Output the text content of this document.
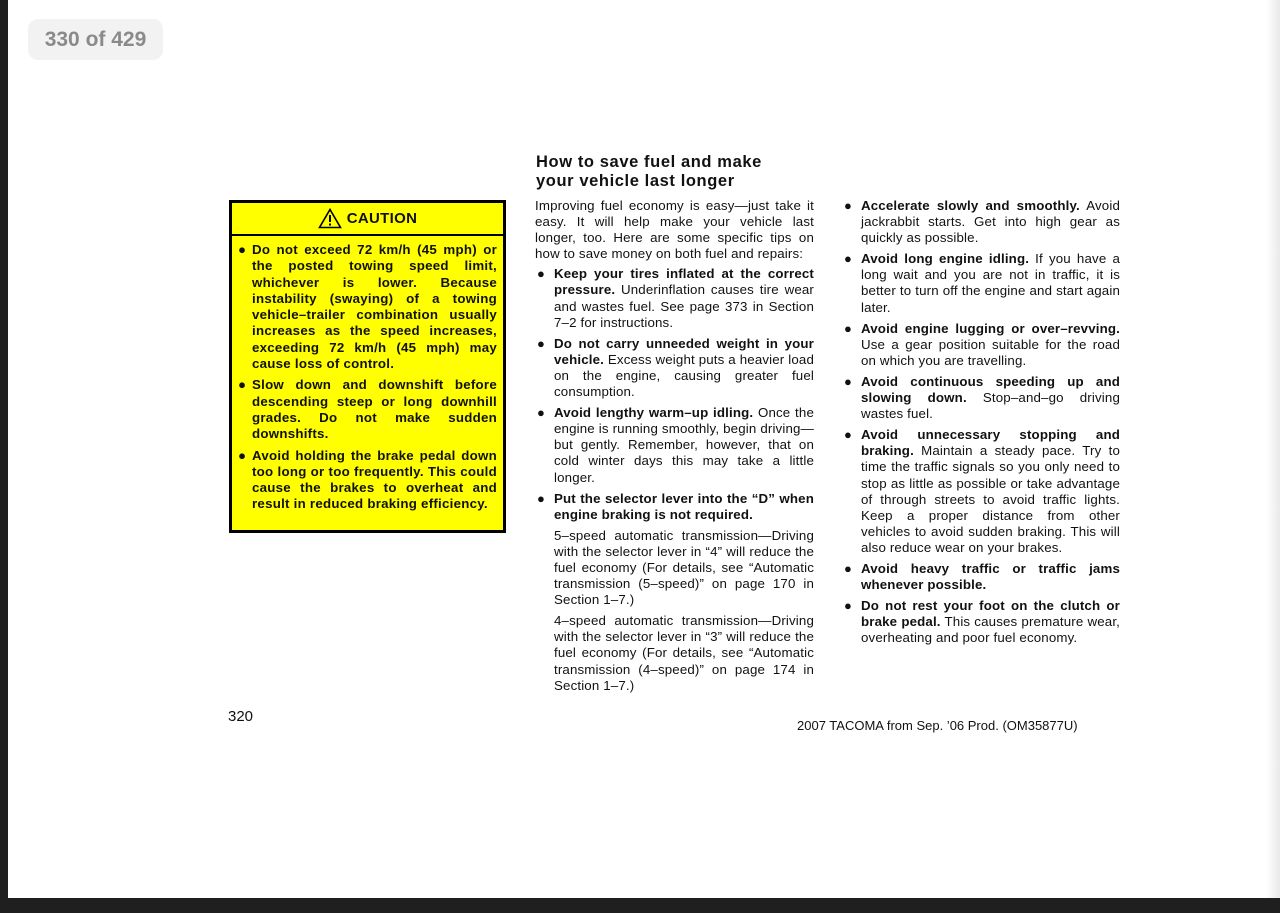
330 of 429
CAUTION
● Do not exceed 72 km/h (45 mph) or the posted towing speed limit, whichever is lower. Because instability (swaying) of a towing vehicle–trailer combination usually increases as the speed increases, exceeding 72 km/h (45 mph) may cause loss of control.
● Slow down and downshift before descending steep or long downhill grades. Do not make sudden downshifts.
● Avoid holding the brake pedal down too long or too frequently. This could cause the brakes to overheat and result in reduced braking efficiency.
How to save fuel and make
your vehicle last longer

Improving fuel economy is easy—just take it easy. It will help make your vehicle last longer, too. Here are some specific tips on how to save money on both fuel and repairs:

● Keep your tires inflated at the correct pressure. Underinflation causes tire wear and wastes fuel. See page 373 in Section 7–2 for instructions.
● Do not carry unneeded weight in your vehicle. Excess weight puts a heavier load on the engine, causing greater fuel consumption.
● Avoid lengthy warm–up idling. Once the engine is running smoothly, begin driving—but gently. Remember, however, that on cold winter days this may take a little longer.
● Put the selector lever into the “D” when engine braking is not required.

5–speed automatic transmission—Driving with the selector lever in “4” will reduce the fuel economy (For details, see “Automatic transmission (5–speed)” on page 170 in Section 1–7.)

4–speed automatic transmission—Driving with the selector lever in “3” will reduce the fuel economy (For details, see “Automatic transmission (4–speed)” on page 174 in Section 1–7.)

● Accelerate slowly and smoothly. Avoid jackrabbit starts. Get into high gear as quickly as possible.
● Avoid long engine idling. If you have a long wait and you are not in traffic, it is better to turn off the engine and start again later.
● Avoid engine lugging or over–revving. Use a gear position suitable for the road on which you are travelling.
● Avoid continuous speeding up and slowing down. Stop–and–go driving wastes fuel.
● Avoid unnecessary stopping and braking. Maintain a steady pace. Try to time the traffic signals so you only need to stop as little as possible or take advantage of through streets to avoid traffic lights. Keep a proper distance from other vehicles to avoid sudden braking. This will also reduce wear on your brakes.
● Avoid heavy traffic or traffic jams whenever possible.
● Do not rest your foot on the clutch or brake pedal. This causes premature wear, overheating and poor fuel economy.
320
2007 TACOMA from Sep. ’06 Prod. (OM35877U)
